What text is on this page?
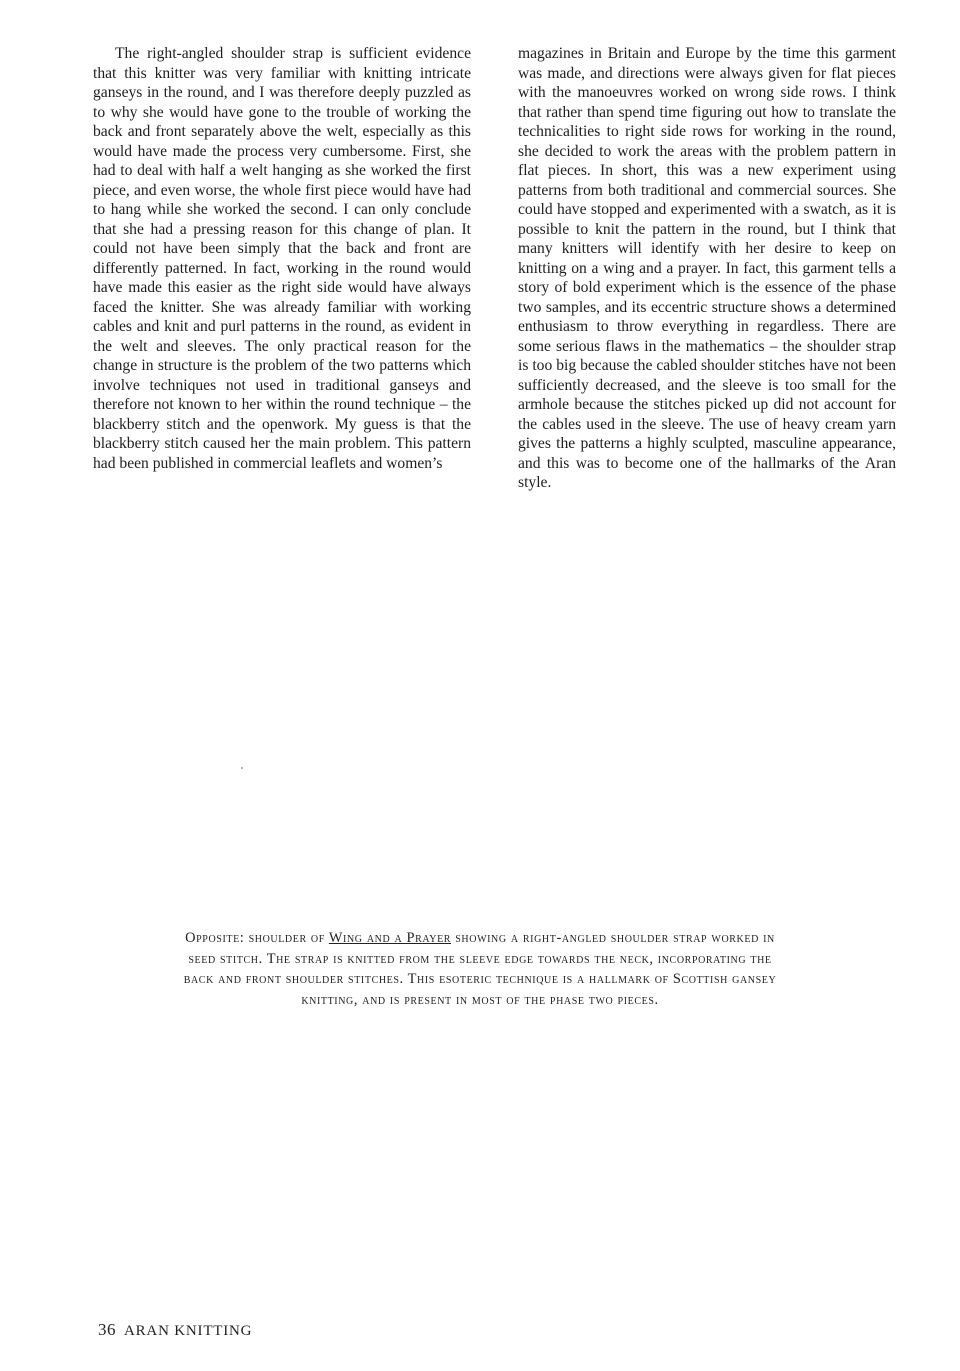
The right-angled shoulder strap is sufficient evidence that this knitter was very familiar with knitting intricate ganseys in the round, and I was therefore deeply puzzled as to why she would have gone to the trouble of working the back and front separately above the welt, especially as this would have made the process very cumbersome. First, she had to deal with half a welt hanging as she worked the first piece, and even worse, the whole first piece would have had to hang while she worked the second. I can only conclude that she had a pressing reason for this change of plan. It could not have been simply that the back and front are differently patterned. In fact, working in the round would have made this easier as the right side would have always faced the knitter. She was already familiar with working cables and knit and purl patterns in the round, as evident in the welt and sleeves. The only practical reason for the change in structure is the problem of the two patterns which involve techniques not used in traditional ganseys and therefore not known to her within the round technique – the blackberry stitch and the openwork. My guess is that the blackberry stitch caused her the main problem. This pattern had been published in commercial leaflets and women’s

magazines in Britain and Europe by the time this garment was made, and directions were always given for flat pieces with the manoeuvres worked on wrong side rows. I think that rather than spend time figuring out how to translate the technicalities to right side rows for working in the round, she decided to work the areas with the problem pattern in flat pieces. In short, this was a new experiment using patterns from both traditional and commercial sources. She could have stopped and experimented with a swatch, as it is possible to knit the pattern in the round, but I think that many knitters will identify with her desire to keep on knitting on a wing and a prayer. In fact, this garment tells a story of bold experiment which is the essence of the phase two samples, and its eccentric structure shows a determined enthusiasm to throw everything in regardless. There are some serious flaws in the mathematics – the shoulder strap is too big because the cabled shoulder stitches have not been sufficiently decreased, and the sleeve is too small for the armhole because the stitches picked up did not account for the cables used in the sleeve. The use of heavy cream yarn gives the patterns a highly sculpted, masculine appearance, and this was to become one of the hallmarks of the Aran style.

Opposite: shoulder of Wing and a Prayer showing a right-angled shoulder strap worked in seed stitch. The strap is knitted from the sleeve edge towards the neck, incorporating the back and front shoulder stitches. This esoteric technique is a hallmark of Scottish gansey knitting, and is present in most of the phase two pieces.
36 ARAN KNITTING
